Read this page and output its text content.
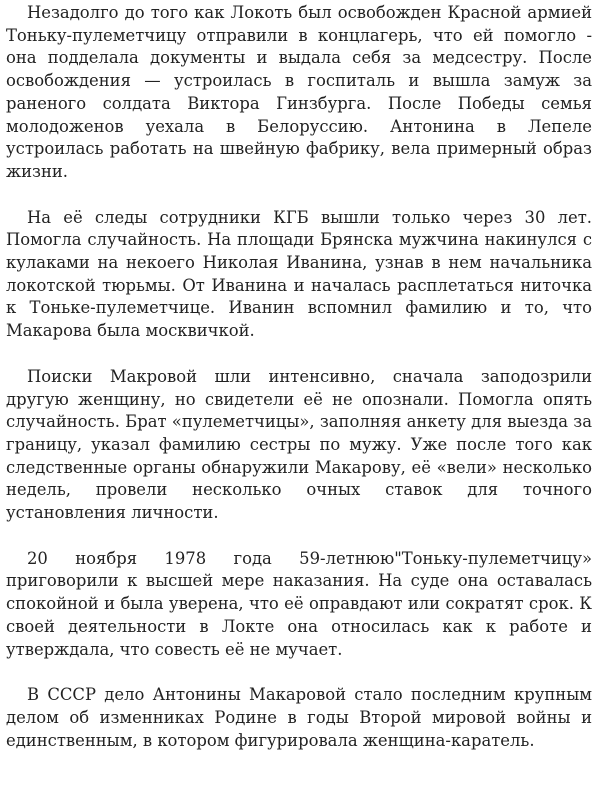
Незадолго до того как Локоть был освобожден Красной армией Тоньку-пулеметчицу отправили в концлагерь, что ей помогло - она подделала документы и выдала себя за медсестру. После освобождения — устроилась в госпиталь и вышла замуж за раненого солдата Виктора Гинзбурга. После Победы семья молодоженов уехала в Белоруссию. Антонина в Лепеле устроилась работать на швейную фабрику, вела примерный образ жизни.

На её следы сотрудники КГБ вышли только через 30 лет. Помогла случайность. На площади Брянска мужчина накинулся с кулаками на некоего Николая Иванина, узнав в нем начальника локотской тюрьмы. От Иванина и началась расплетаться ниточка к Тоньке-пулеметчице. Иванин вспомнил фамилию и то, что Макарова была москвичкой.

Поиски Макровой шли интенсивно, сначала заподозрили другую женщину, но свидетели её не опознали. Помогла опять случайность. Брат «пулеметчицы», заполняя анкету для выезда за границу, указал фамилию сестры по мужу. Уже после того как следственные органы обнаружили Макарову, её «вели» несколько недель, провели несколько очных ставок для точного установления личности.

20 ноября 1978 года 59-летнюю"Тоньку-пулеметчицу» приговорили к высшей мере наказания. На суде она оставалась спокойной и была уверена, что её оправдают или сократят срок. К своей деятельности в Локте она относилась как к работе и утверждала, что совесть её не мучает.

В СССР дело Антонины Макаровой стало последним крупным делом об изменниках Родине в годы Второй мировой войны и единственным, в котором фигурировала женщина-каратель.
